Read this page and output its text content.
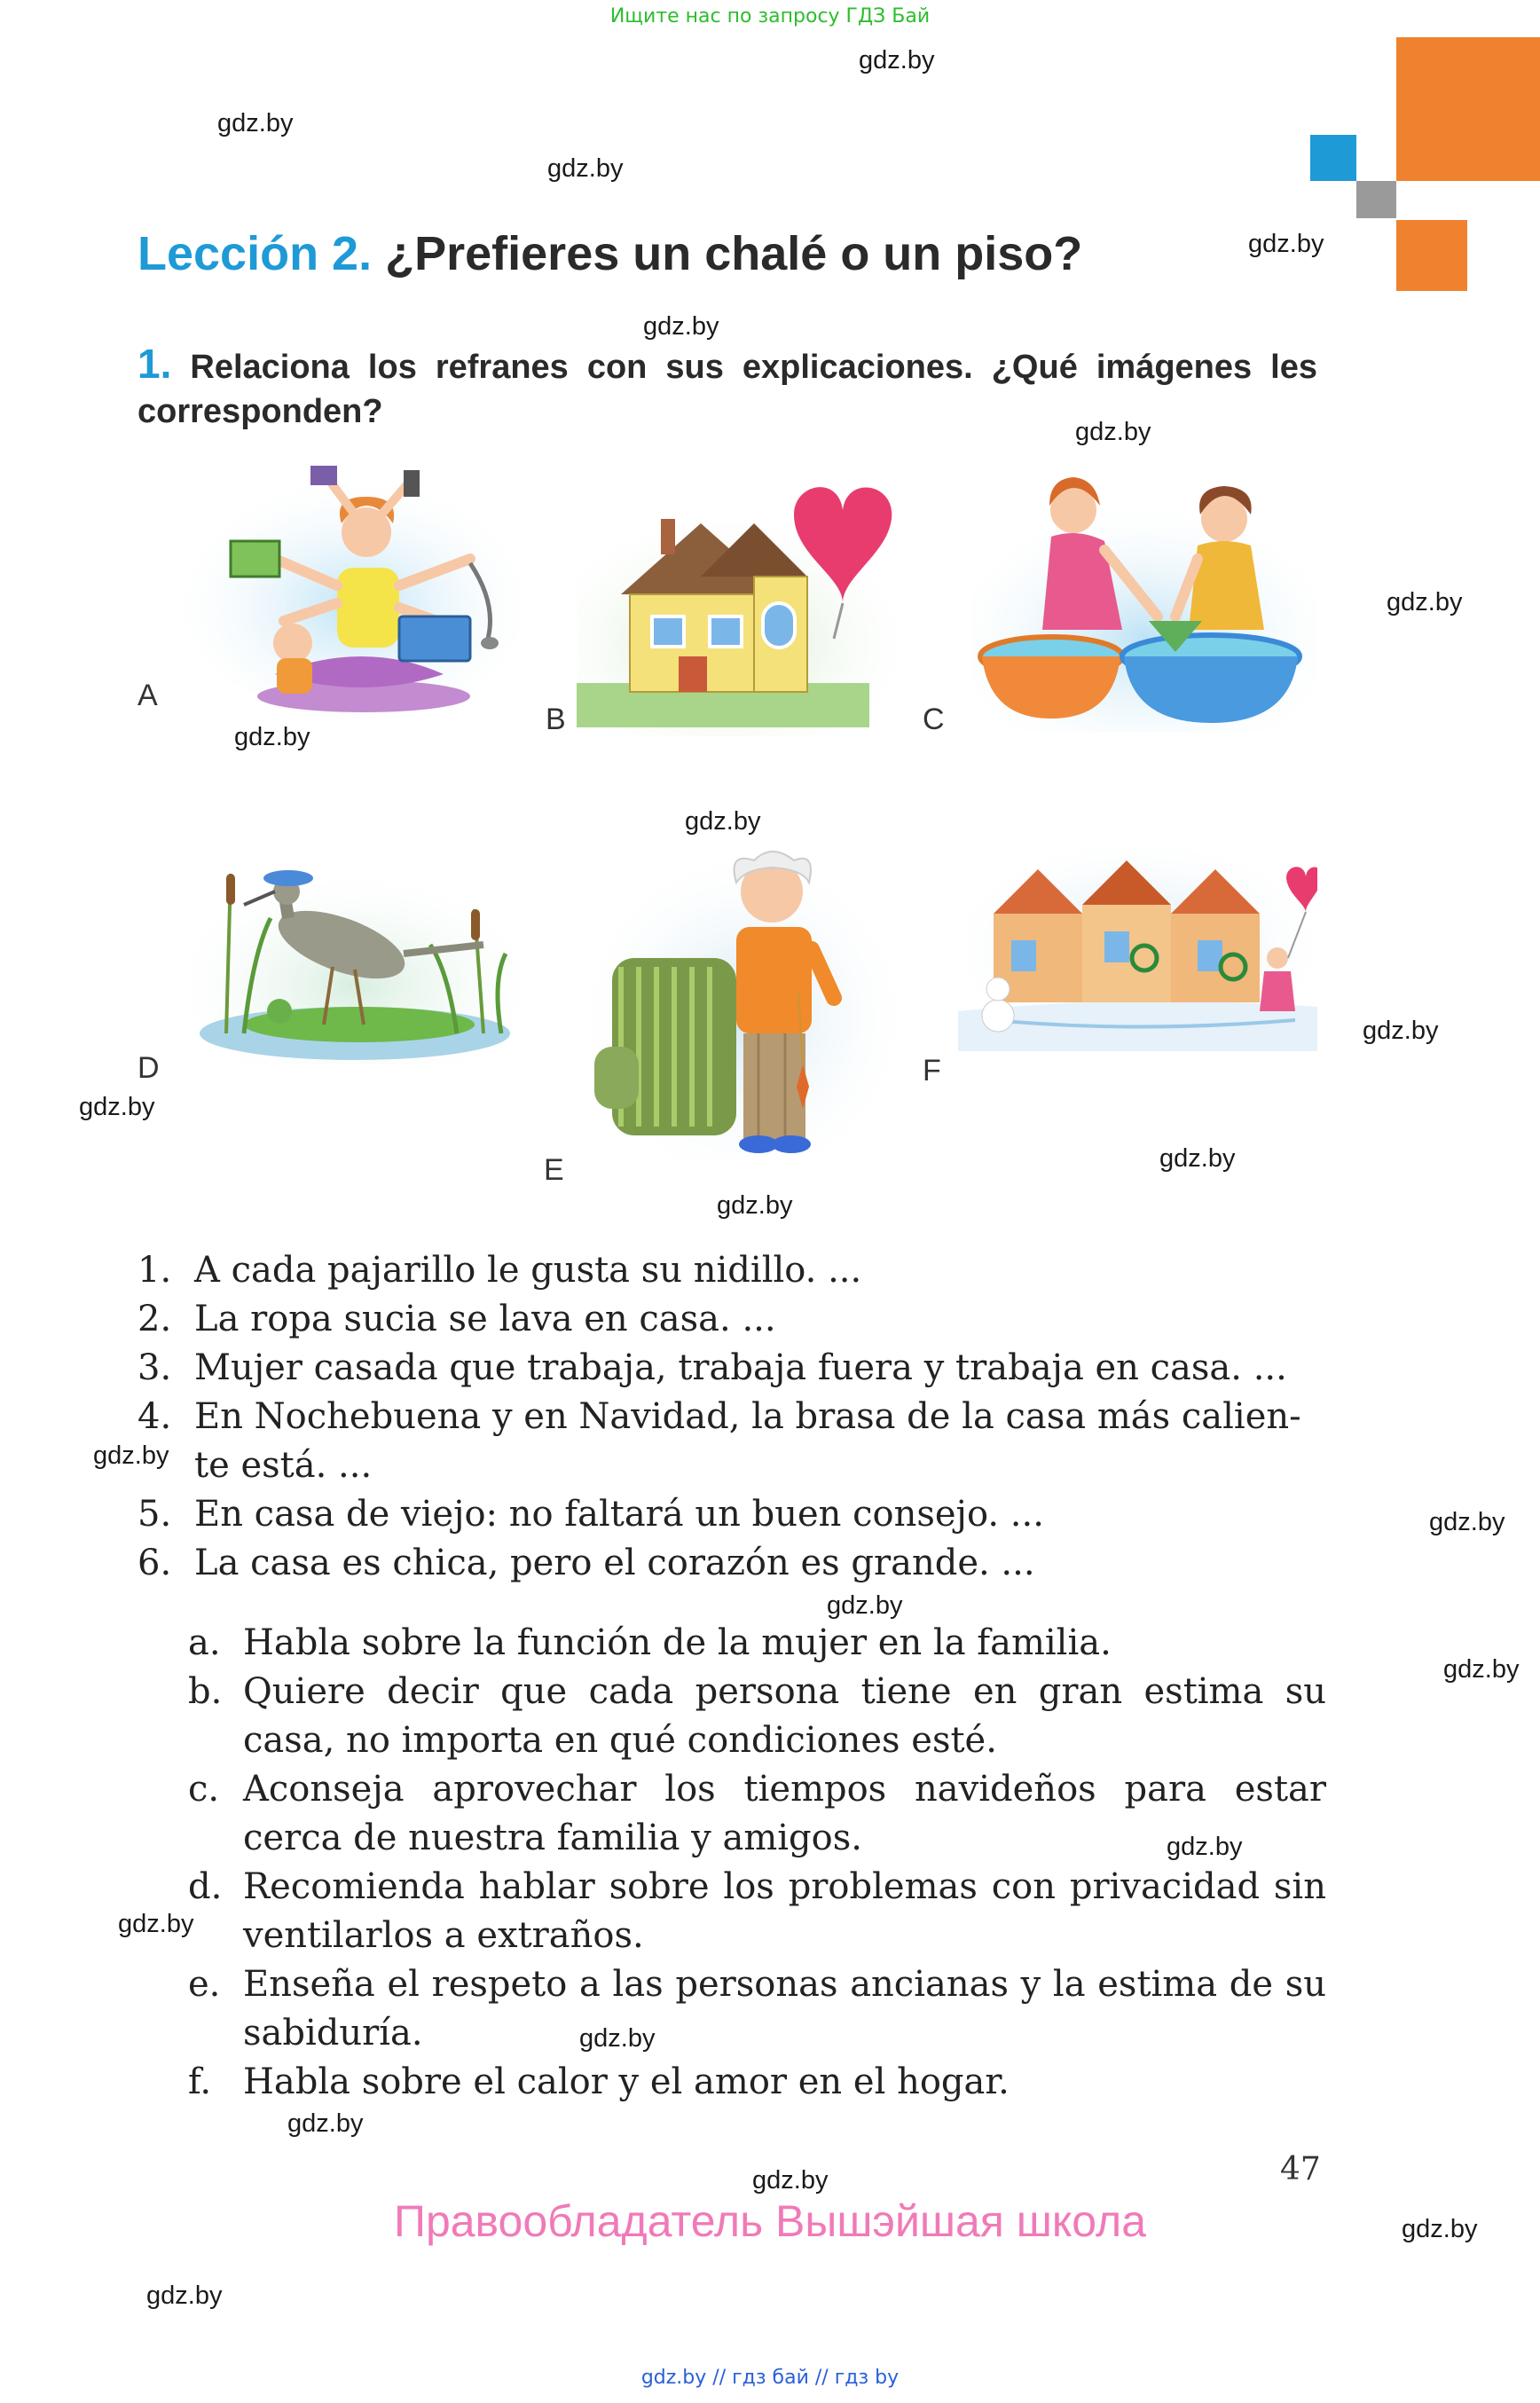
Ищите нас по запросу ГДЗ Бай
gdz.by
gdz.by
gdz.by
gdz.by
gdz.by
gdz.by
gdz.by
gdz.by
gdz.by
gdz.by
gdz.by
gdz.by
gdz.by
gdz.by
gdz.by
gdz.by
gdz.by
gdz.by
gdz.by
gdz.by
gdz.by
gdz.by
gdz.by
gdz.by
Lección 2. ¿Prefieres un chalé o un piso?
1. Relaciona los refranes con sus explicaciones. ¿Qué imágenes les corresponden?
A
B	C
D
E
F
1. A cada pajarillo le gusta su nidillo. ...
2. La ropa sucia se lava en casa. ...
3. Mujer casada que trabaja, trabaja fuera y trabaja en casa. ...
4. En Nochebuena y en Navidad, la brasa de la casa más calien-te está. ...
5. En casa de viejo: no faltará un buen consejo. ...
6. La casa es chica, pero el corazón es grande. ...
a. Habla sobre la función de la mujer en la familia.
b. Quiere decir que cada persona tiene en gran estima su casa, no importa en qué condiciones esté.
c. Aconseja aprovechar los tiempos navideños para estar cerca de nuestra familia y amigos.
d. Recomienda hablar sobre los problemas con privacidad sin ventilarlos a extraños.
e. Enseña el respeto a las personas ancianas y la estima de su sabiduría.
f. Habla sobre el calor y el amor en el hogar.
47
Правообладатель Вышэйшая школа
gdz.by // гдз бай // гдз by
